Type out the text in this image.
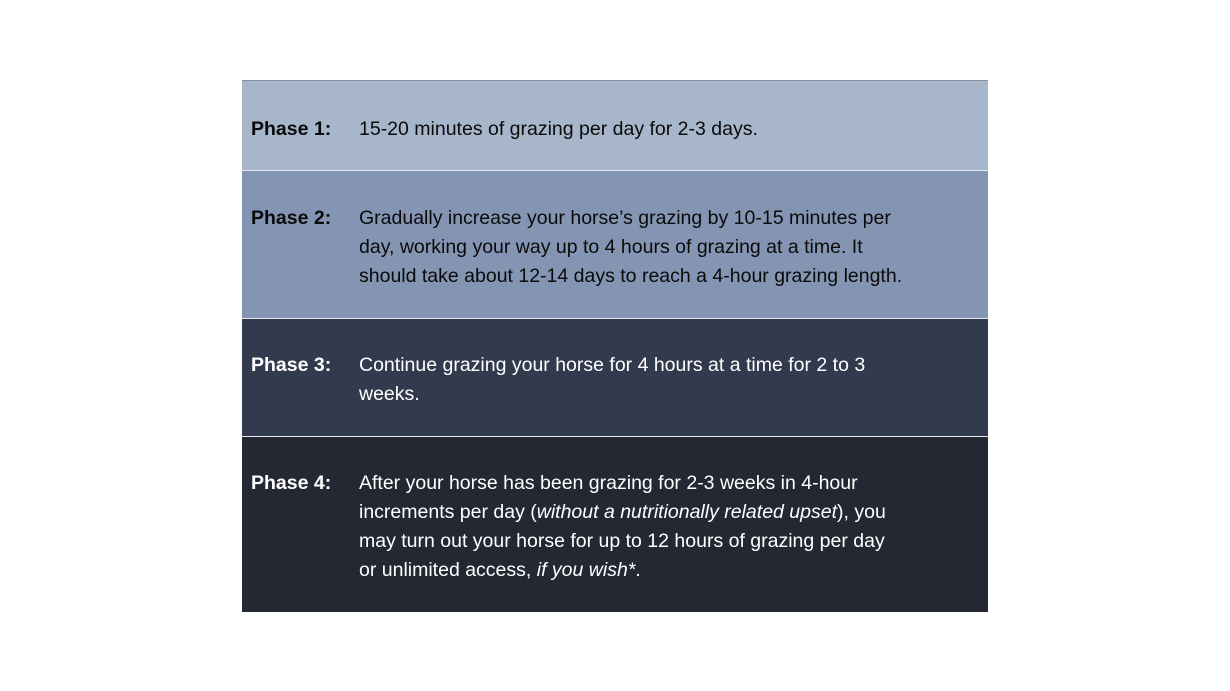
Phase 1:	15-20 minutes of grazing per day for 2-3 days.
Phase 2:	Gradually increase your horse’s grazing by 10-15 minutes per
day, working your way up to 4 hours of grazing at a time. It
should take about 12-14 days to reach a 4-hour grazing length.
Phase 3:	Continue grazing your horse for 4 hours at a time for 2 to 3
weeks.
Phase 4:	After your horse has been grazing for 2-3 weeks in 4-hour
increments per day (without a nutritionally related upset), you
may turn out your horse for up to 12 hours of grazing per day
or unlimited access, if you wish*.
